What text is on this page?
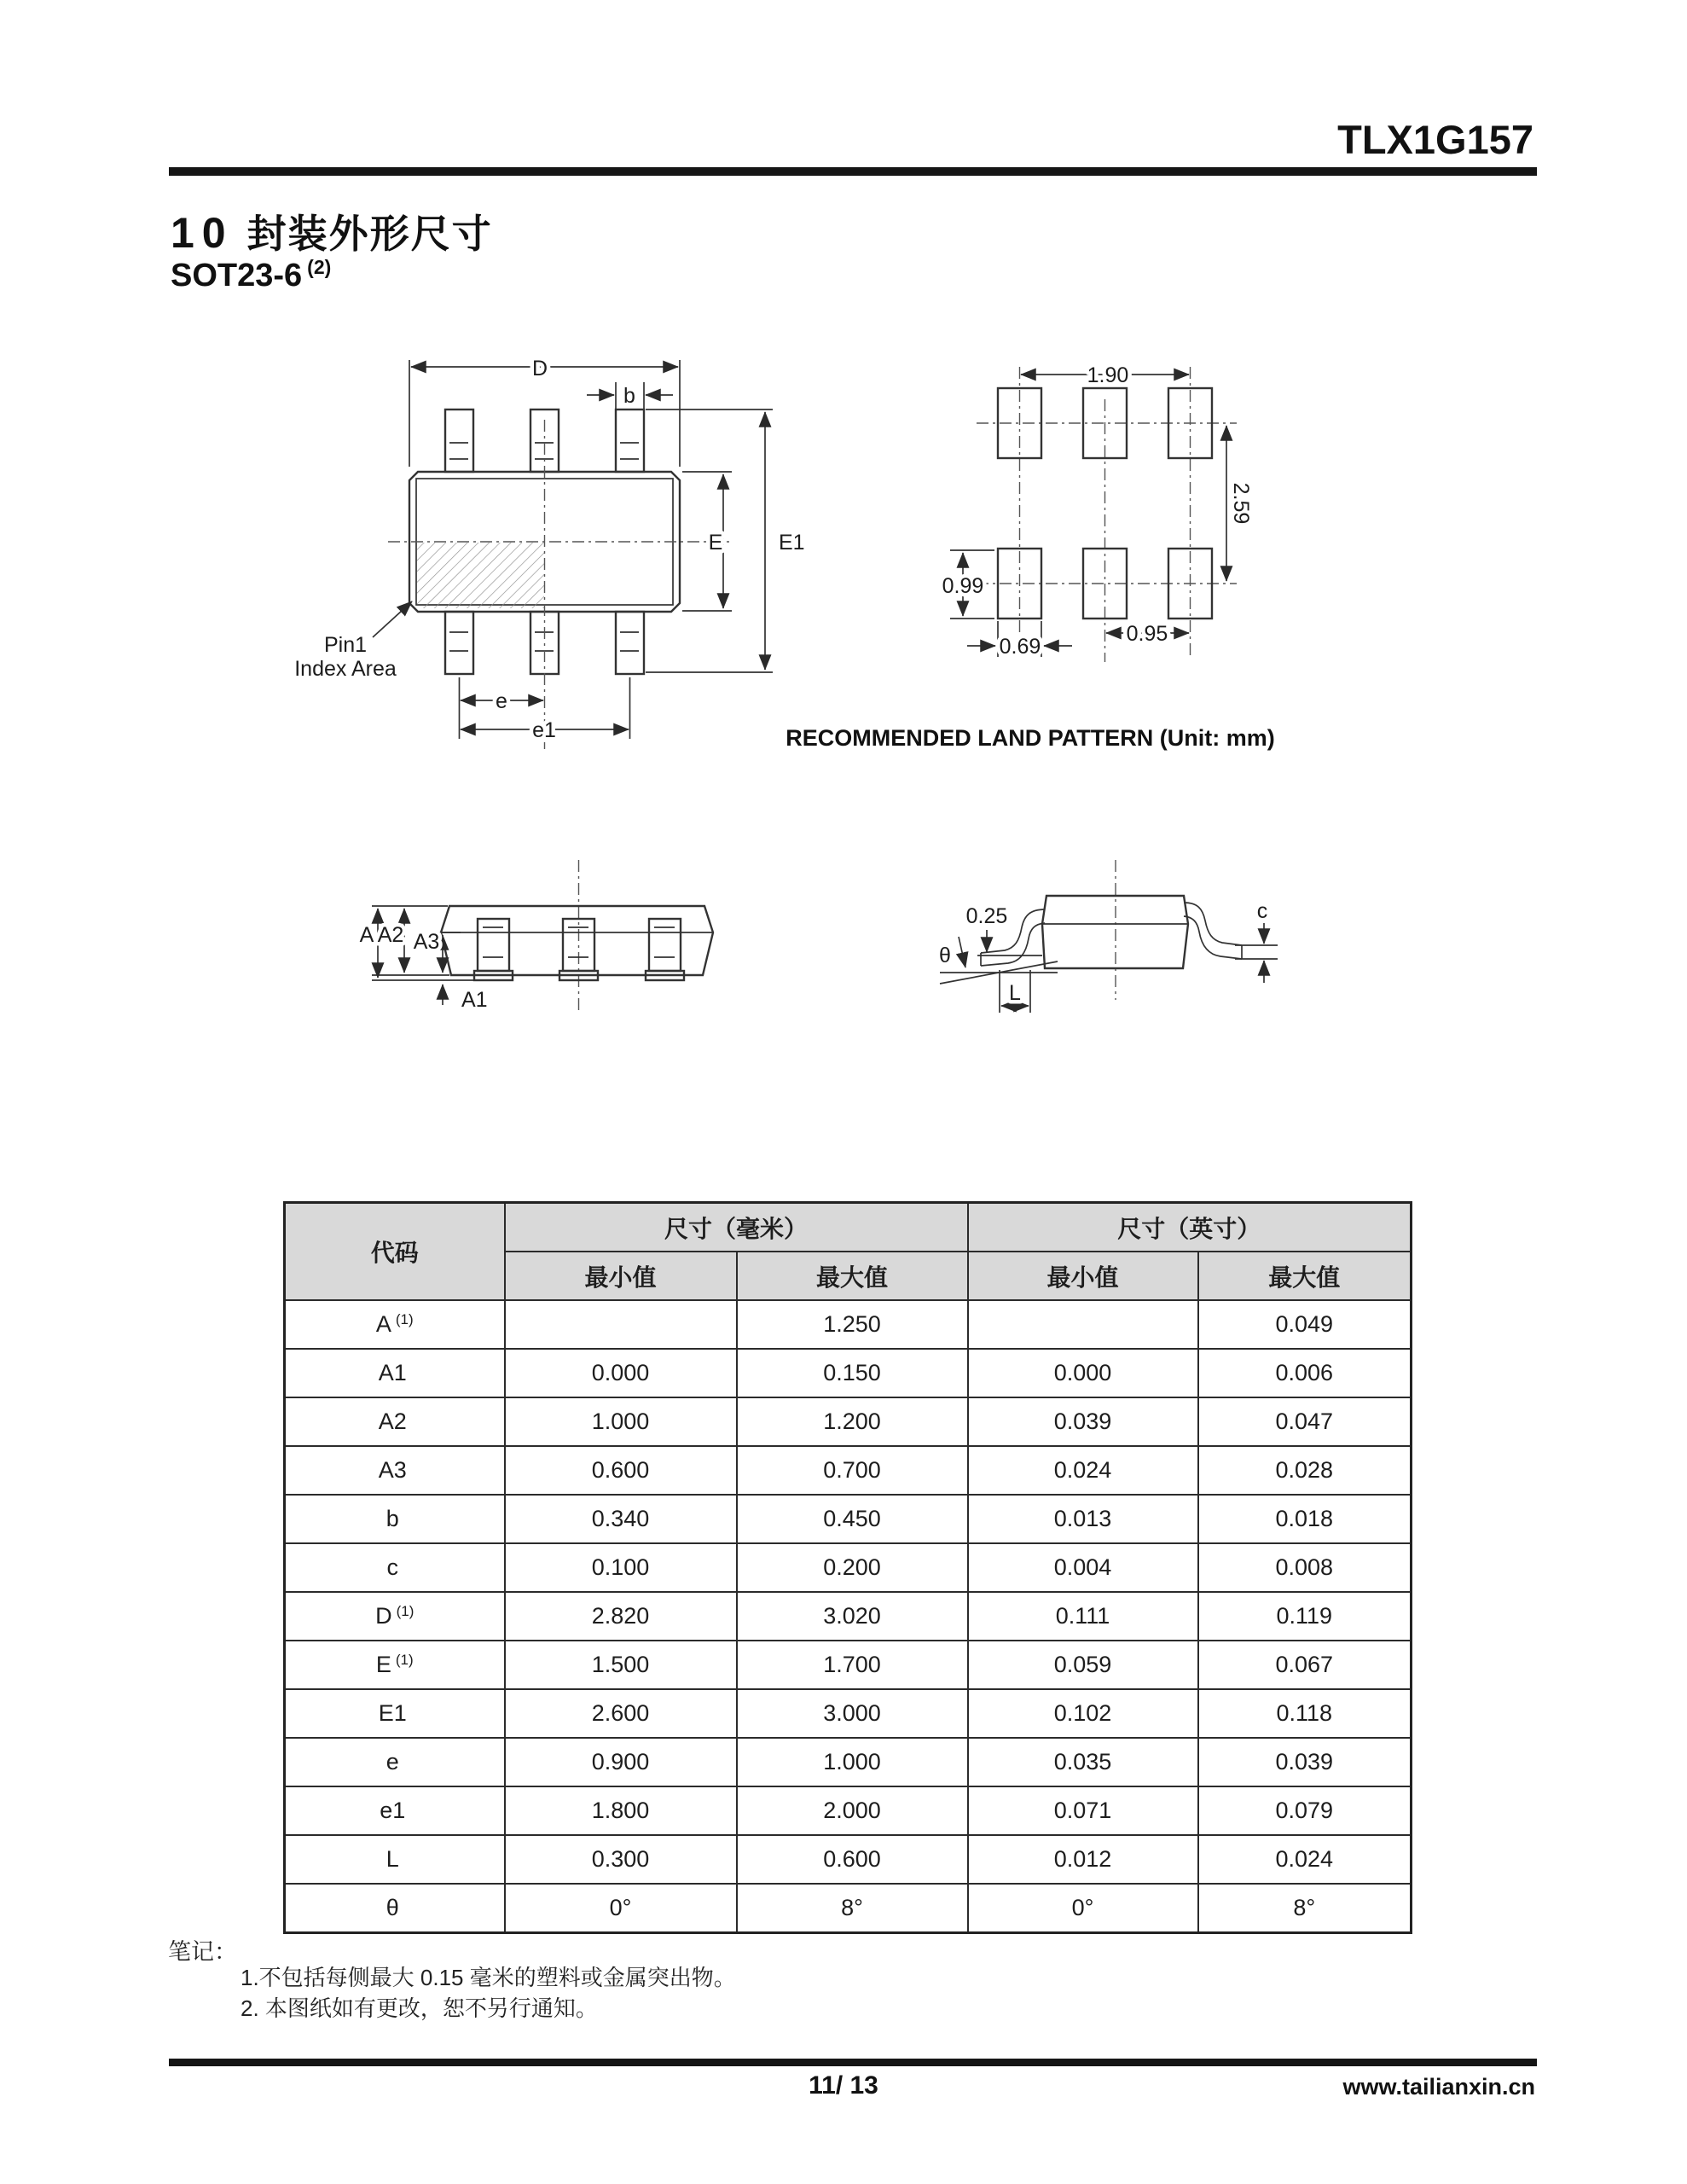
TLX1G157
10 封装外形尺寸
SOT23-6 $^{(2)}$
D
b
E	E1
e
e1
Pin1
Index Area
1.90
2.59
0.99
0.69
0.95
RECOMMENDED LAND PATTERN (Unit: mm)
A A2 A3
A1
0.25
θ
L
c
代码	尺寸（毫米）		尺寸（英寸）	
	最小值	最大值	最小值	最大值
A $^{(1)}$		1.250		0.049
A1	0.000	0.150	0.000	0.006
A2	1.000	1.200	0.039	0.047
A3	0.600	0.700	0.024	0.028
b	0.340	0.450	0.013	0.018
c	0.100	0.200	0.004	0.008
D $^{(1)}$	2.820	3.020	0.111	0.119
E $^{(1)}$	1.500	1.700	0.059	0.067
E1	2.600	3.000	0.102	0.118
e	0.900	1.000	0.035	0.039
e1	1.800	2.000	0.071	0.079
L	0.300	0.600	0.012	0.024
θ	0°	8°	0°	8°
笔记：
1.不包括每侧最大 0.15 毫米的塑料或金属突出物。
2. 本图纸如有更改，恕不另行通知。
11/ 13	www.tailianxin.cn
